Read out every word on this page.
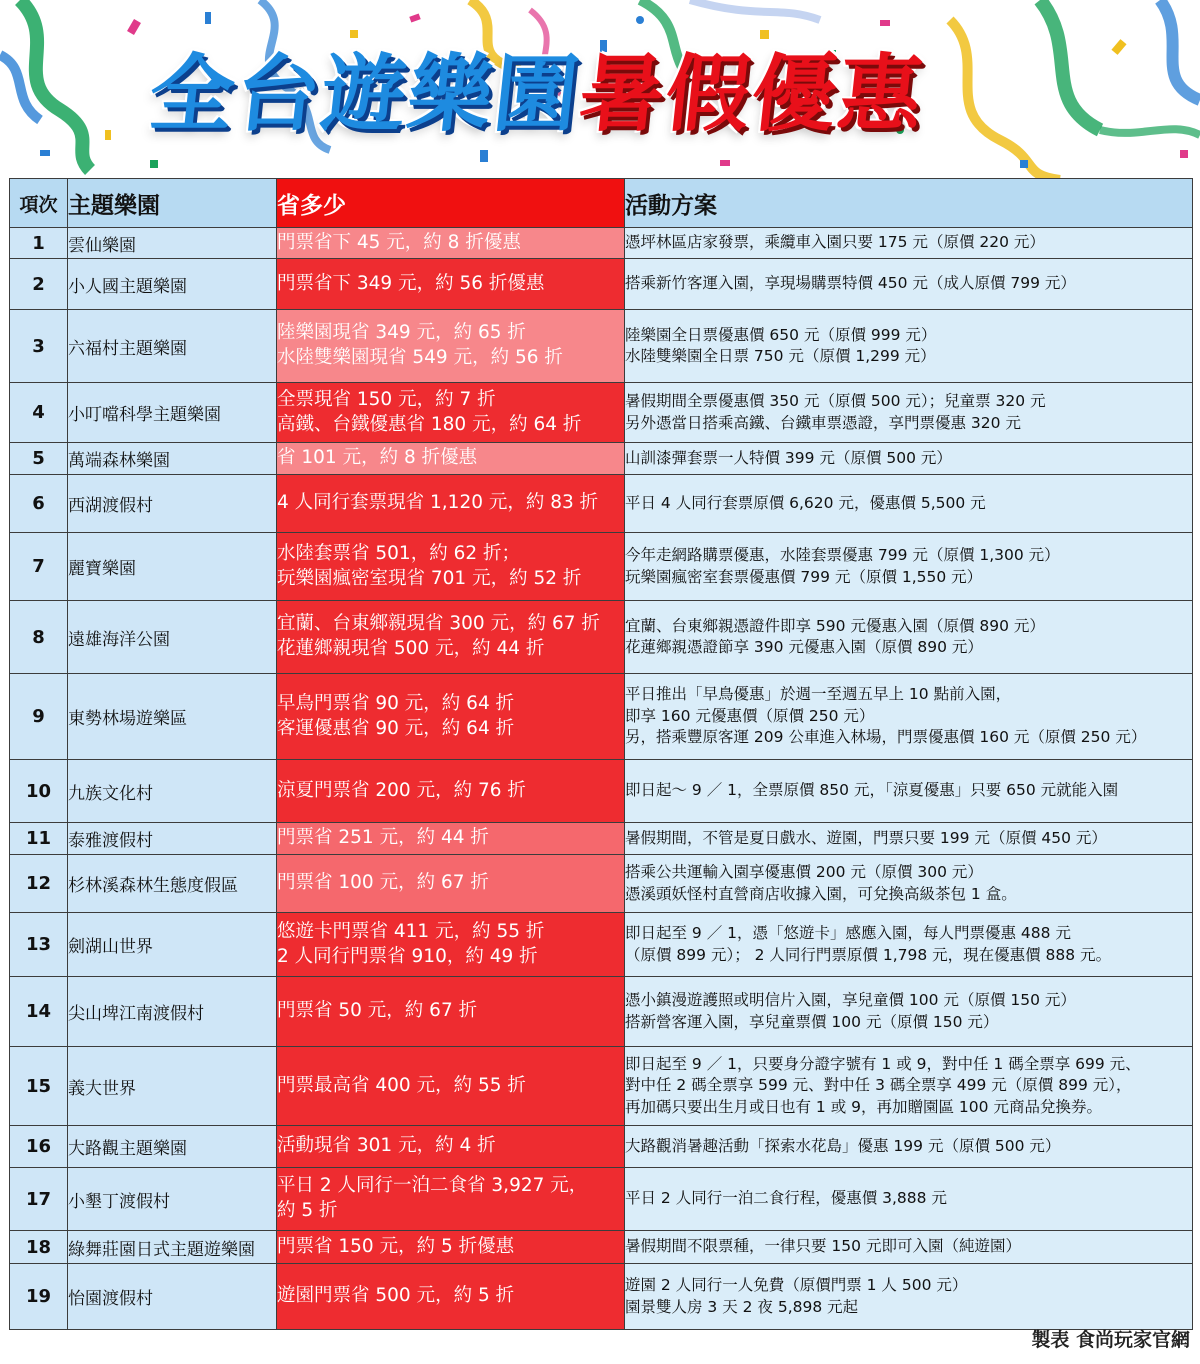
全台遊樂園暑假優惠
項次	主題樂園	省多少	活動方案
1	雲仙樂園	門票省下 45 元，約 8 折優惠	憑坪林區店家發票，乘纜車入園只要 175 元（原價 220 元）

2	小人國主題樂園	門票省下 349 元，約 56 折優惠	搭乘新竹客運入園，享現場購票特價 450 元（成人原價 799 元）

3	六福村主題樂園	陸樂園現省 349 元，約 65 折
水陸雙樂園現省 549 元，約 56 折	陸樂園全日票優惠價 650 元（原價 999 元）
水陸雙樂園全日票 750 元（原價 1,299 元）

4	小叮噹科學主題樂園	全票現省 150 元，約 7 折
高鐵、台鐵優惠省 180 元，約 64 折	暑假期間全票優惠價 350 元（原價 500 元）；兒童票 320 元
另外憑當日搭乘高鐵、台鐵車票憑證，享門票優惠 320 元

5	萬端森林樂園	省 101 元，約 8 折優惠	山訓漆彈套票一人特價 399 元（原價 500 元）

6	西湖渡假村	4 人同行套票現省 1,120 元，約 83 折	平日 4 人同行套票原價 6,620 元，優惠價 5,500 元

7	麗寶樂園	水陸套票省 501，約 62 折；
玩樂園瘋密室現省 701 元，約 52 折	今年走網路購票優惠，水陸套票優惠 799 元（原價 1,300 元）
玩樂園瘋密室套票優惠價 799 元（原價 1,550 元）

8	遠雄海洋公園	宜蘭、台東鄉親現省 300 元，約 67 折
花蓮鄉親現省 500 元，約 44 折	宜蘭、台東鄉親憑證件即享 590 元優惠入園（原價 890 元）
花蓮鄉親憑證節享 390 元優惠入園（原價 890 元）

9	東勢林場遊樂區	早鳥門票省 90 元，約 64 折
客運優惠省 90 元，約 64 折	平日推出「早鳥優惠」於週一至週五早上 10 點前入園，
即享 160 元優惠價（原價 250 元）
另，搭乘豐原客運 209 公車進入林場，門票優惠價 160 元（原價 250 元）

10	九族文化村	涼夏門票省 200 元，約 76 折	即日起～ 9 ／ 1，全票原價 850 元，「涼夏優惠」只要 650 元就能入園

11	泰雅渡假村	門票省 251 元，約 44 折	暑假期間，不管是夏日戲水、遊園，門票只要 199 元（原價 450 元）

12	杉林溪森林生態度假區	門票省 100 元，約 67 折	搭乘公共運輸入園享優惠價 200 元（原價 300 元）
憑溪頭妖怪村直營商店收據入園，可兌換高級茶包 1 盒。

13	劍湖山世界	悠遊卡門票省 411 元，約 55 折
2 人同行門票省 910，約 49 折	即日起至 9 ／ 1，憑「悠遊卡」感應入園，每人門票優惠 488 元
（原價 899 元）； 2 人同行門票原價 1,798 元，現在優惠價 888 元。

14	尖山埤江南渡假村	門票省 50 元，約 67 折	憑小鎮漫遊護照或明信片入園，享兒童價 100 元（原價 150 元）
搭新營客運入園，享兒童票價 100 元（原價 150 元）

15	義大世界	門票最高省 400 元，約 55 折	即日起至 9 ／ 1，只要身分證字號有 1 或 9，對中任 1 碼全票享 699 元、
對中任 2 碼全票享 599 元、對中任 3 碼全票享 499 元（原價 899 元），
再加碼只要出生月或日也有 1 或 9，再加贈園區 100 元商品兌換券。

16	大路觀主題樂園	活動現省 301 元，約 4 折	大路觀消暑趣活動「探索水花島」優惠 199 元（原價 500 元）

17	小墾丁渡假村	平日 2 人同行一泊二食省 3,927 元，
約 5 折	平日 2 人同行一泊二食行程，優惠價 3,888 元

18	綠舞莊園日式主題遊樂園	門票省 150 元，約 5 折優惠	暑假期間不限票種，一律只要 150 元即可入園（純遊園）

19	怡園渡假村	遊園門票省 500 元，約 5 折	遊園 2 人同行一人免費（原價門票 1 人 500 元）
園景雙人房 3 天 2 夜 5,898 元起
製表 食尚玩家官網
